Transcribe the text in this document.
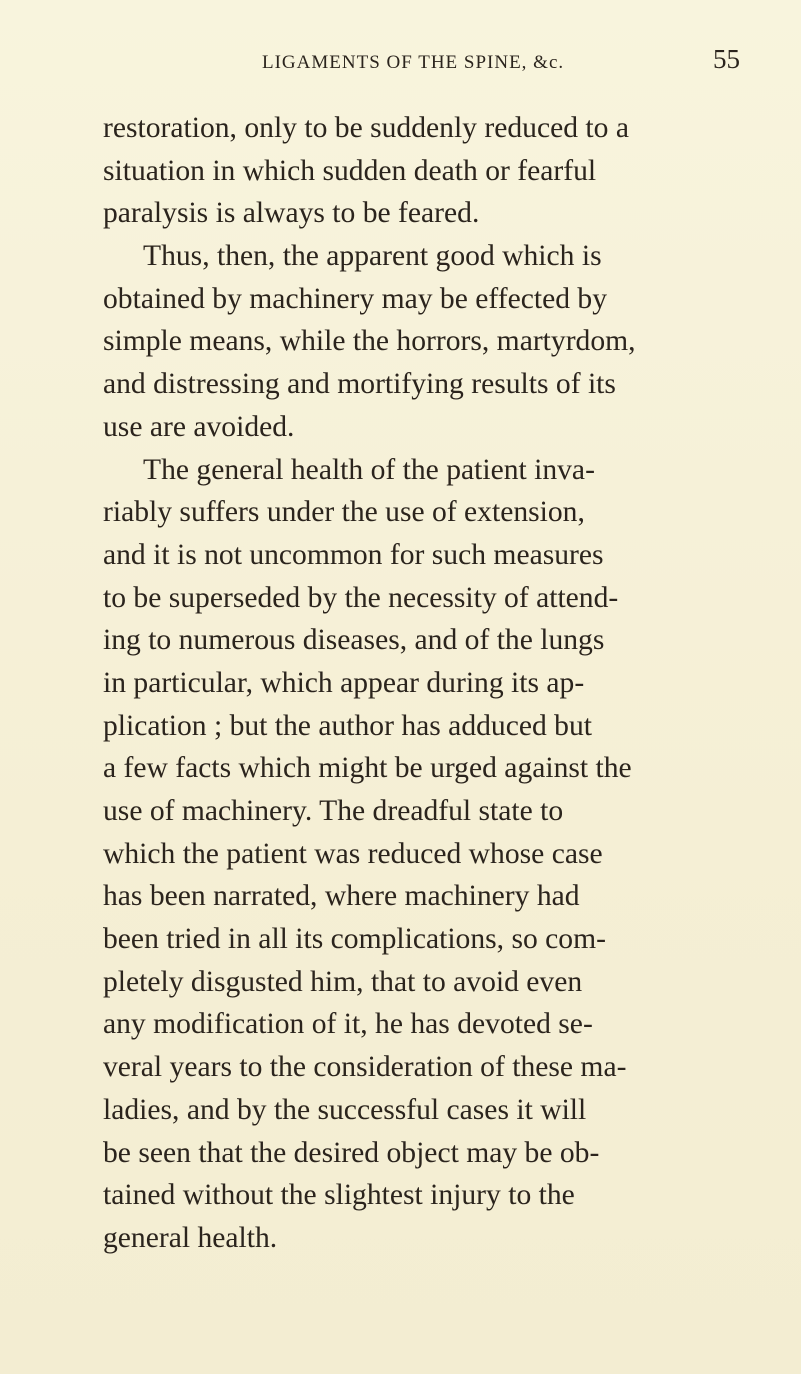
LIGAMENTS OF THE SPINE, &c.	55
restoration, only to be suddenly reduced to a
situation in which sudden death or fearful
paralysis is always to be feared.
Thus, then, the apparent good which is
obtained by machinery may be effected by
simple means, while the horrors, martyrdom,
and distressing and mortifying results of its
use are avoided.
The general health of the patient inva-
riably suffers under the use of extension,
and it is not uncommon for such measures
to be superseded by the necessity of attend-
ing to numerous diseases, and of the lungs
in particular, which appear during its ap-
plication ; but the author has adduced but
a few facts which might be urged against the
use of machinery. The dreadful state to
which the patient was reduced whose case
has been narrated, where machinery had
been tried in all its complications, so com-
pletely disgusted him, that to avoid even
any modification of it, he has devoted se-
veral years to the consideration of these ma-
ladies, and by the successful cases it will
be seen that the desired object may be ob-
tained without the slightest injury to the
general health.
